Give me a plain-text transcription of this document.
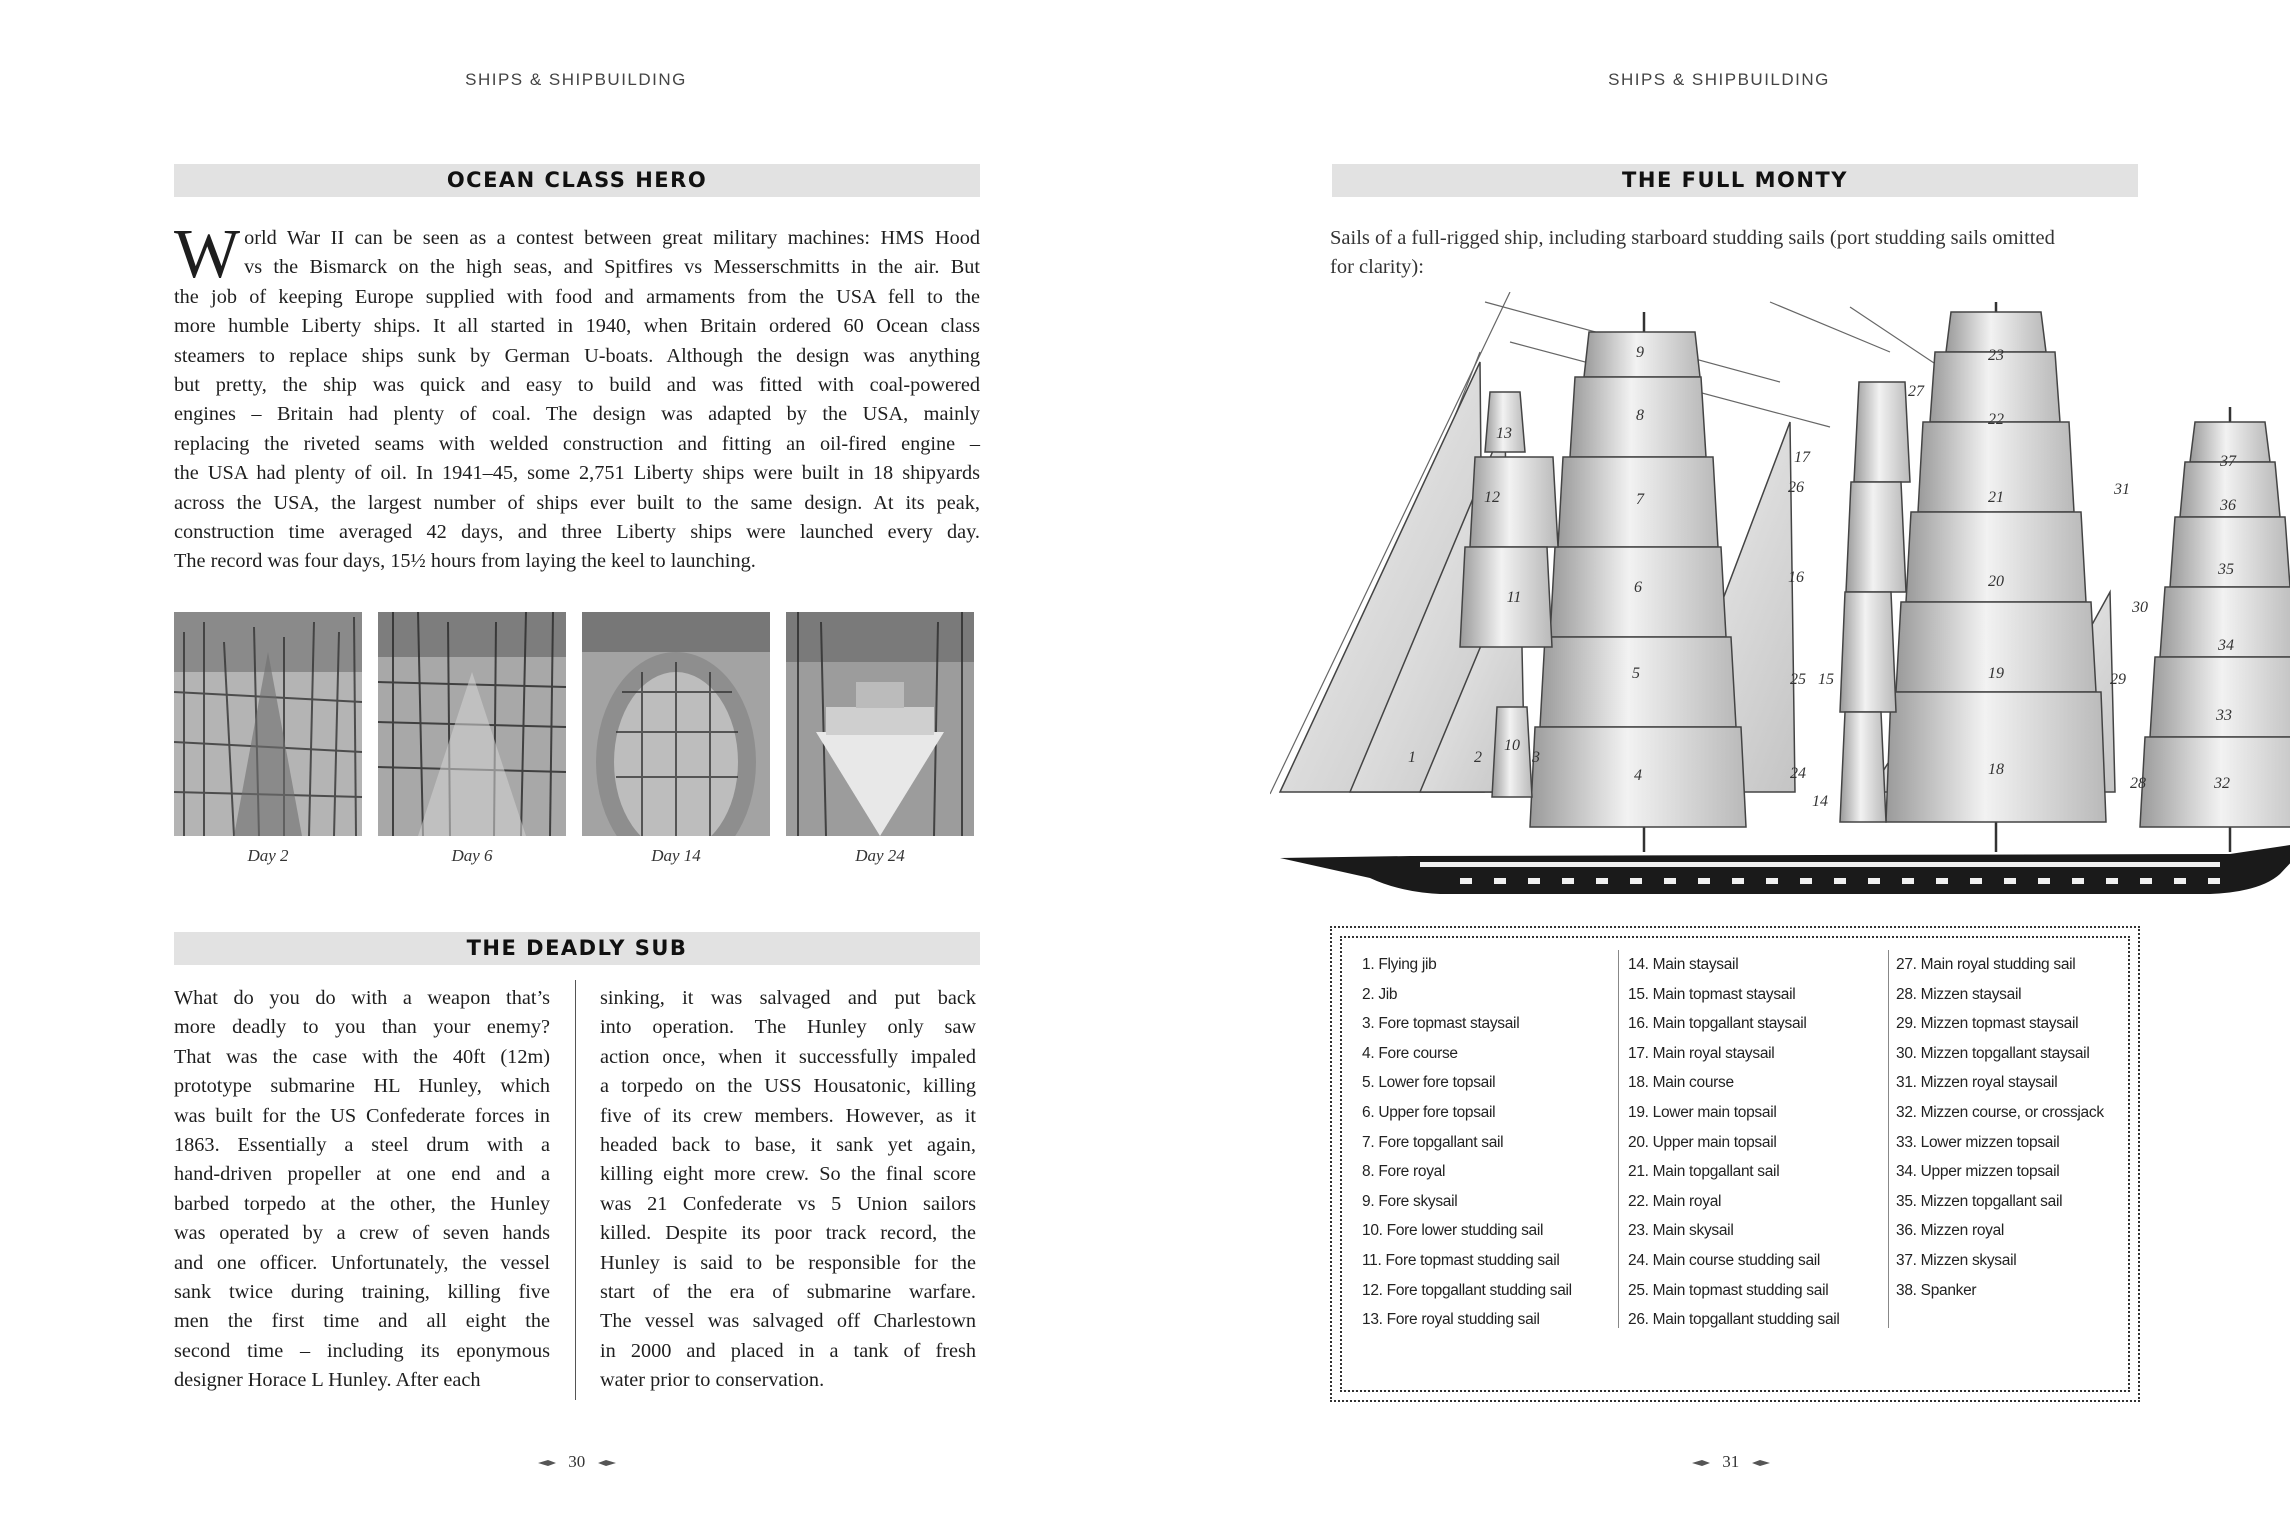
SHIPS & SHIPBUILDING
OCEAN CLASS HERO
W orld War II can be seen as a contest between great military machines: HMS Hood
vs the Bismarck on the high seas, and Spitfires vs Messerschmitts in the air. But
the job of keeping Europe supplied with food and armaments from the USA fell to the
more humble Liberty ships. It all started in 1940, when Britain ordered 60 Ocean class
steamers to replace ships sunk by German U-boats. Although the design was anything
but pretty, the ship was quick and easy to build and was fitted with coal-powered
engines – Britain had plenty of coal. The design was adapted by the USA, mainly
replacing the riveted seams with welded construction and fitting an oil-fired engine –
the USA had plenty of oil. In 1941–45, some 2,751 Liberty ships were built in 18 shipyards
across the USA, the largest number of ships ever built to the same design. At its peak,
construction time averaged 42 days, and three Liberty ships were launched every day.
The record was four days, 15½ hours from laying the keel to launching.
Day 2	Day 6	Day 14	Day 24
THE DEADLY SUB
What do you do with a weapon that’s
more deadly to you than your enemy?
That was the case with the 40ft (12m)
prototype submarine HL Hunley, which
was built for the US Confederate forces in
1863. Essentially a steel drum with a
hand-driven propeller at one end and a
barbed torpedo at the other, the Hunley
was operated by a crew of seven hands
and one officer. Unfortunately, the vessel
sank twice during training, killing five
men the first time and all eight the
second time – including its eponymous
designer Horace L Hunley. After each
sinking, it was salvaged and put back
into operation. The Hunley only saw
action once, when it successfully impaled
a torpedo on the USS Housatonic, killing
five of its crew members. However, as it
headed back to base, it sank yet again,
killing eight more crew. So the final score
was 21 Confederate vs 5 Union sailors
killed. Despite its poor track record, the
Hunley is said to be responsible for the
start of the era of submarine warfare.
The vessel was salvaged off Charlestown
in 2000 and placed in a tank of fresh
water prior to conservation.
30
SHIPS & SHIPBUILDING
THE FULL MONTY
Sails of a full-rigged ship, including starboard studding sails (port studding sails omitted
for clarity):
1	2	3
4
5
6
7
8
9
10
11
12
13
14
15
16
17
18
19
20
21
22
23
24
25
26
27
28
29
30
31
32
33
34
35
36
37
1. Flying jib
2. Jib
3. Fore topmast staysail
4. Fore course
5. Lower fore topsail
6. Upper fore topsail
7. Fore topgallant sail
8. Fore royal
9. Fore skysail
10. Fore lower studding sail
11. Fore topmast studding sail
12. Fore topgallant studding sail
13. Fore royal studding sail
14. Main staysail
15. Main topmast staysail
16. Main topgallant staysail
17. Main royal staysail
18. Main course
19. Lower main topsail
20. Upper main topsail
21. Main topgallant sail
22. Main royal
23. Main skysail
24. Main course studding sail
25. Main topmast studding sail
26. Main topgallant studding sail
27. Main royal studding sail
28. Mizzen staysail
29. Mizzen topmast staysail
30. Mizzen topgallant staysail
31. Mizzen royal staysail
32. Mizzen course, or crossjack
33. Lower mizzen topsail
34. Upper mizzen topsail
35. Mizzen topgallant sail
36. Mizzen royal
37. Mizzen skysail
38. Spanker
31
